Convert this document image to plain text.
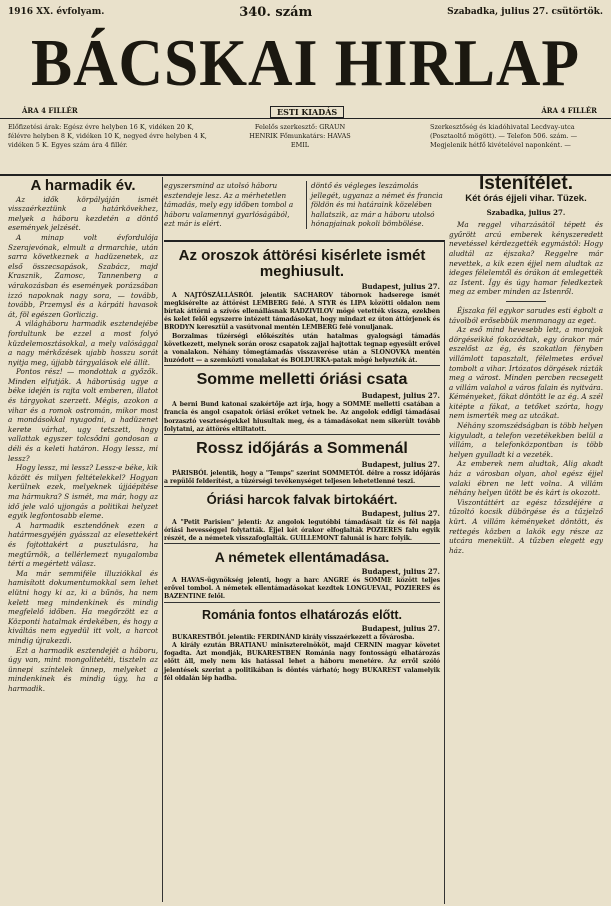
1916 XX. évfolyam.	340. szám	Szabadka, julius 27. csütörtök.
BÁCSKAI HIRLAP
ÁRA 4 FILLÉR	ESTI KIADÁS	ÁRA 4 FILLÉR
Előfizetési árak: Egész évre helyben 16 K, vidéken 20 K, félévre helyben 8 K, vidéken 10 K, negyed évre helyben 4 K, vidéken 5 K. Egyes szám ára 4 fillér.
Felelős szerkesztő: GRAUN HENRIK Főmunkatárs: HAVAS EMIL
Szerkesztőség és kiadóhivatal Lecdvay-utca (Posztaoltő mögött). — Telefon 506. szám. — Megjelenik hétfő kivételével naponként. —
A harmadik év.

Az idők körpályáján ismét visszaérkeztünk a határkövekhez, melyek a háboru kezdetén a döntő események jelzését.

A minap volt évfordulója Szerajevónak, elmult a drmarchie, után sarra következnek a hadüzenetek, az első összecsapások, Szabácz, majd Krasznik, Zamosc, Tannenberg a várakozásban és események porázsában izzó napoknak nagy sora, — tovább, tovább, Przemysl és a kárpáti havasok át, föl egészen Gorliczig.

A világháboru harmadik esztendejébe fordultunk be ezzel a most folyó küzdelemosztásokkal, a mely valósággal a nagy mérkőzések ujabb hosszu sorát nyitja meg, újjabb tárgyalások elé állít.

Pontos rész! — mondottak a győzők. Minden elfutják. A háborúság ugye a béke idején is rajta volt emberen, illatot és tárgyokat szerzett. Mégis, azokon a vihar és a romok ostromán, mikor most a mondásokkal nyugodni, a hadüzenet kerete várhat, ugy tetszett, hogy vallattak egyszer tolcsődni gondosan a déli és a keleti határon. Hogy lessz, mi lessz?

Hogy lessz, mi lessz? Lessz-e béke, kik között és milyen feltételekkel? Hogyan kerülnek ezek, melyeknek újjáépítése ma hármukra? S ismét, ma már, hogy az idő jele való ujjongás a politikai helyzet egyik legfontosabb eleme.

A harmadik esztendőnek ezen a határmesgyéjén gyásszal az elesettekért és fojtottakért a pusztulásra, ha megtűrnök, a tellérlemezt nyugalomba térti a megértett válasz.

Ma már semmiféle illuziókkal és hamisított dokumentumokkal sem lehet elütni hogy ki az, ki a bűnös, ha nem kelett meg mindenkinek és mindig megfelelő időben. Ha megőrzött ez a Központi hatalmak érdekében, és hogy a kiváltás nem egyedül itt volt, a harcot mindig újrakezdi.

Ezt a harmadik esztendejét a háboru, úgy van, mint mongolitetéti, tiszteln az ünnepi színtelek ünnep, melyeket a mindenkinek és mindig úgy, ha a harmadik.

egyszersmind az utolsó háboru esztendeje lesz. Az a mérhetetlen támadás, mely egy időben tombol a háboru valamennyi gyarlóságából, ezt már is elért.
döntő és végleges leszámolás jellegét, ugyanaz a német és francia földön és mi határaink közelében hallatszik, az már a háboru utolsó hónapjainak pokoli bömbölése.
Az oroszok áttörési kisérlete ismét meghiusult.
Budapest, julius 27.

A NAJTÓSZÁLLÁSRÓL jelentik SACHAROV tábornok hadserege ismét megkisérelte az áttörést LEMBERG felé. A STYR és LIPA közötti oldalon nem bírtak áttörni a szívós ellenállásnak RADZIVILOV mögé vetették vissza, ezekben és kelet felől egyszerre intézett támadásokat, hogy mindazt ez úton áttörjenek és BRODYN keresztül a vasútvonal mentén LEMBERG felé vonuljanak.

Borzalmas tűzérségi előkészítés után hatalmas gyalogsági támadás következett, melynek során orosz csapatok zajjal hajtottak tegnap egyesült erővel a vonalakon. Néhány tömegtámadás visszaverése után a SLONOVKA mentén huzódott — a szemközti vonalakat és BOLDURKA-patak mögé helyezték át.

Somme melletti óriási csata
Budapest, julius 27.

A berni Bund katonai szakértője azt írja, hogy a SOMME melletti csatában a francia és angol csapatok óriási erőket vetnek be. Az angolok eddigi támadásai borzasztó veszteségekkel hiusultak meg, és a támadásokat nem sikerült tovább folytatni, az áttörés eltiltatott.

Rossz időjárás a Sommenál
Budapest, julius 27.

PÁRISBÓL jelentik, hogy a "Temps" szerint SOMMETÓL délre a rossz időjárás a repülői felderítést, a tüzérségi tevékenységet teljesen lehetetlenné teszi.

Óriási harcok falvak birtokáért.
Budapest, julius 27.

A "Petit Parisien" jelenti: Az angolok legutóbbi támadásait tíz és fél napja óriási hevességgel folytatták. Éjjel két órakor elfoglalták POZIERES falu egyik részét, de a németek visszafoglalták. GUILLEMONT falunál is harc folyik.

A németek ellentámadása.
Budapest, julius 27.

A HAVAS-ügynökség jelenti, hogy a harc ANGRE és SOMME között teljes erővel tombol. A németek ellentámadásokat kezdtek LONGUEVAL, POZIERES és BAZENTINE felől.

Románia fontos elhatározás előtt.
Budapest, julius 27.

BUKARESTBŐL jelentik: FERDINÁND király visszaérkezett a fővárosba.

A király ezután BRATIANU miniszterelnököt, majd CERNIN magyar követet fogadta. Azt mondják, BUKARESTBEN Románia nagy fontosságú elhatározás előtt áll, mely nem kis hatással lehet a háboru menetére. Az erről szóló jelentések szerint a politikában is döntés várható; hogy BUKAREST valamelyik fél oldalán lép hadba.

Istenítélet.
Két órás éjjeli vihar. Tüzek.
Szabadka, julius 27.

Ma reggel viharzásától tépett és gyűrött arcú emberek kényszeredett nevetéssel kérdezgették egymástól: Hogy aludtál az éjszaka? Reggelre már nevettek, a kik ezen éjjel nem aludtak az ideges félelemtől és órákon át emlegették az Istent. Így és úgy hamar feledkeztek meg az ember minden az Istenről.

Éjszaka fél egykor sarudes esti égbolt a távolból erősebbük menmanagy az eget.

Az eső mind hevesebb lett, a morajok dörgéseikké fokozódtak, egy órakor már eszelőst az ég, és szokatlan fényben villámlott tapasztalt, félelmetes erővel tombolt a vihar. Irtózatos dörgések rázták meg a várost. Minden percben recsegett a villám valahol a város falain és nyitvára. Kéményeket, fákat döntött le az ég. A szél kitépte a fákat, a tetőket szórta, hogy nem ismerték meg az utcákat.

Néhány szomszédságban is több helyen kigyuladt, a telefon vezetékekben belül a villám, a telefonközpontban is több helyen gyulladt ki a vezeték.

Az emberek nem aludtak, Alig akadt ház a városban olyan, ahol egész éjjel valaki ébren ne lett volna. A villám néhány helyen ütött be és kárt is okozott.

Viszontáttért az egész tőzsdéjére a tűzoltó kocsik dübörgése és a tűzjelző kürt. A villám kéményeket döntött, és rettegés közben a lakók egy része az utcára menekült. A tűzben elegett egy ház.
